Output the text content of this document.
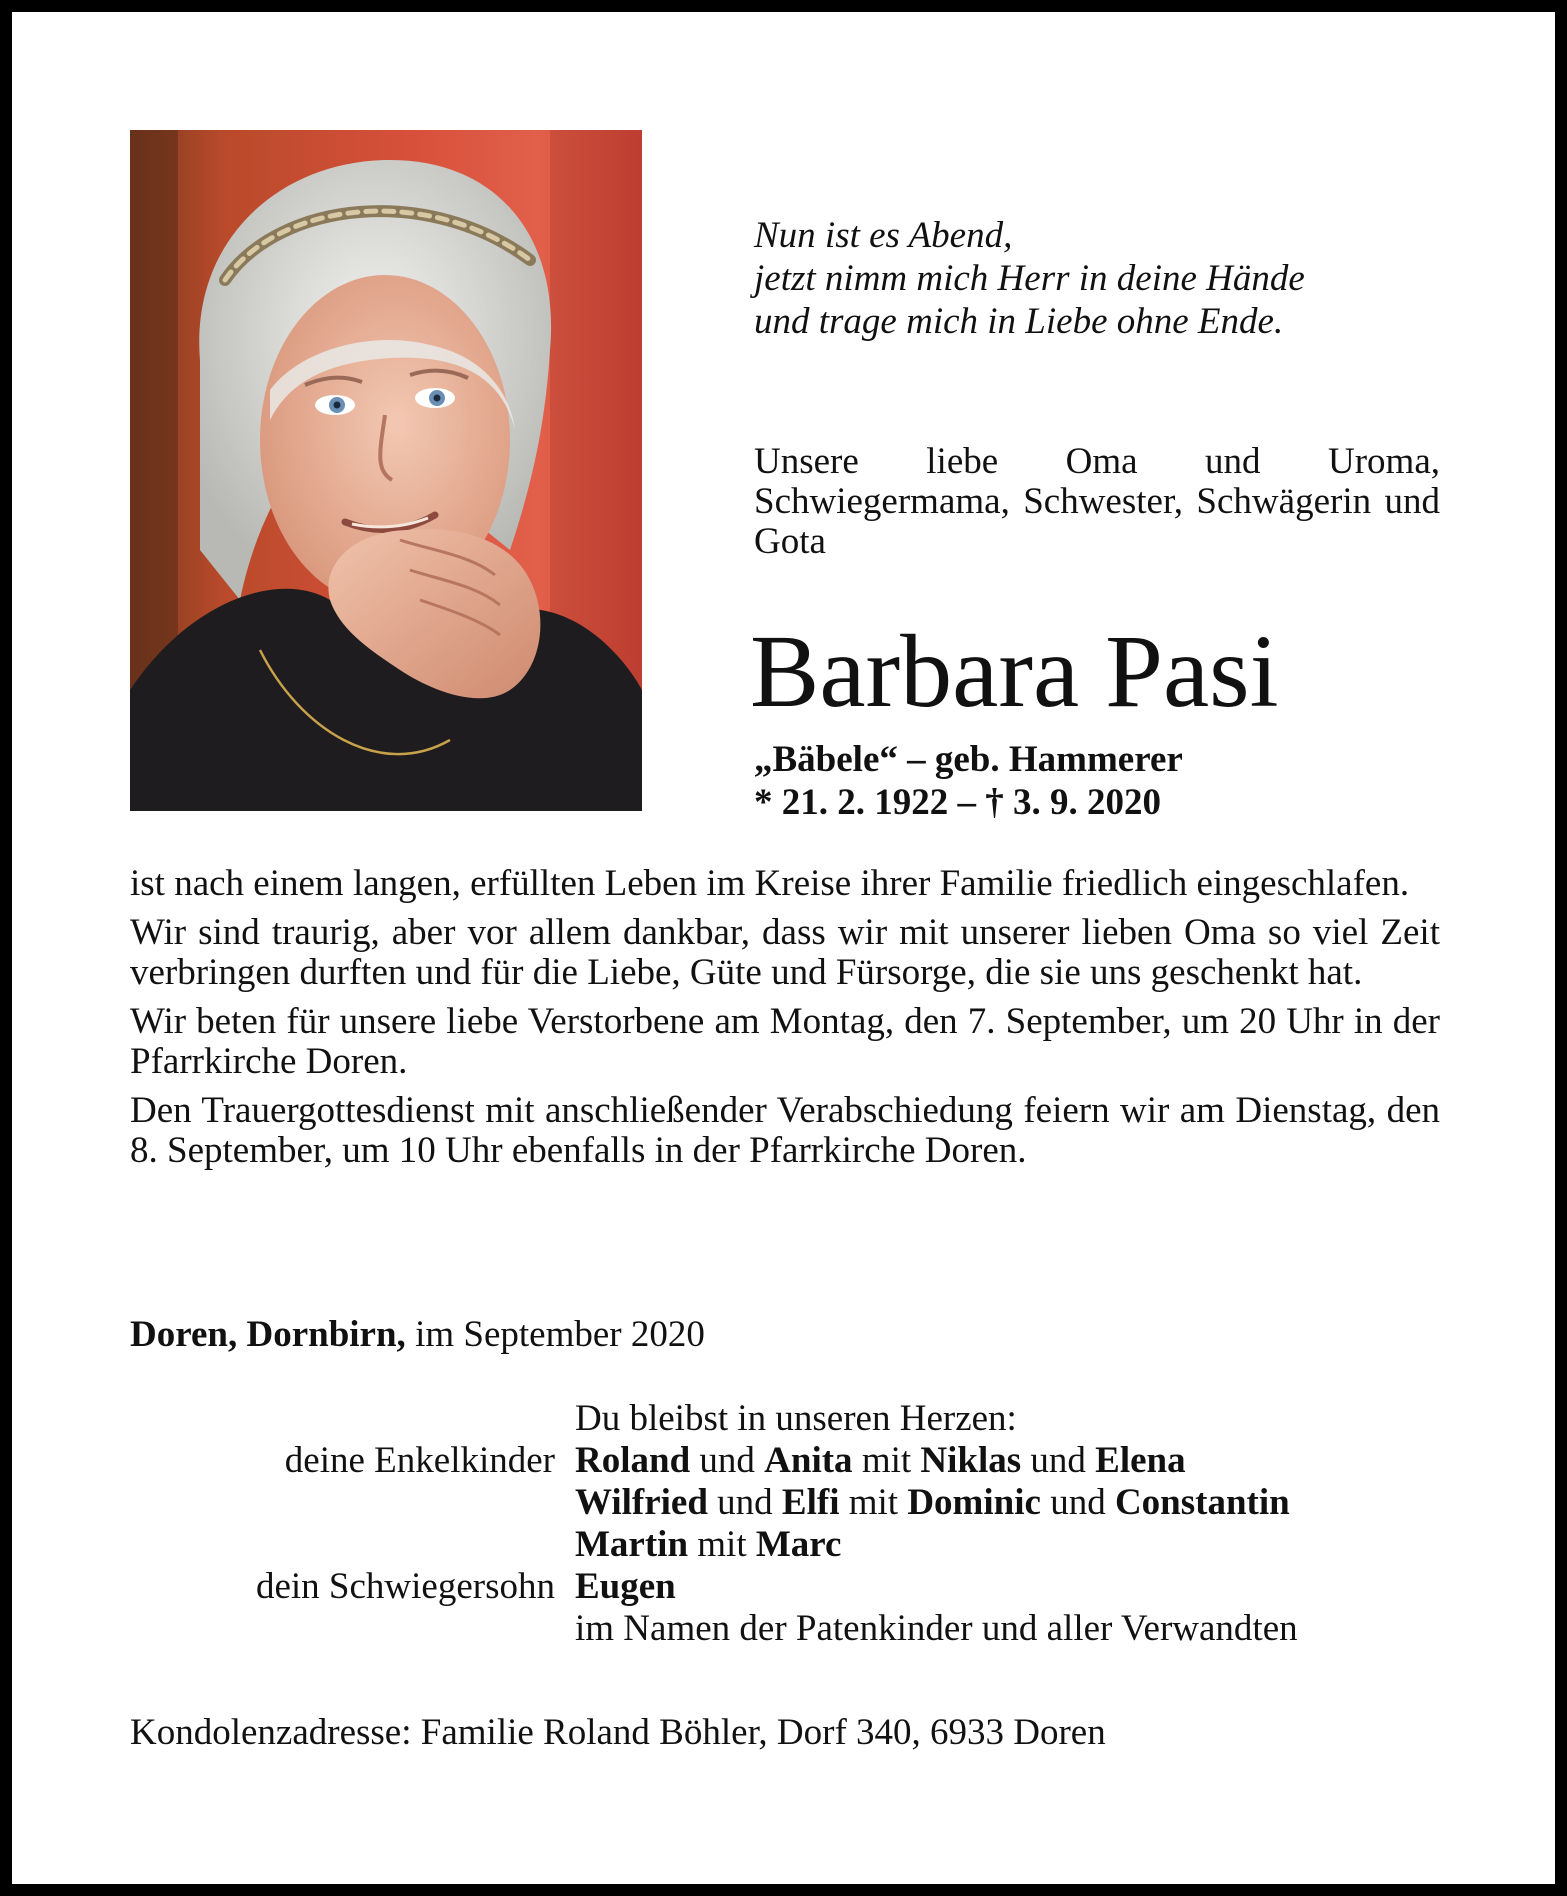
Nun ist es Abend,
jetzt nimm mich Herr in deine Hände
und trage mich in Liebe ohne Ende.
Unsere liebe Oma und Uroma, Schwiegermama, Schwester, Schwägerin und Gota
Barbara Pasi
„Bäbele“ – geb. Hammerer
* 21. 2. 1922 – † 3. 9. 2020

ist nach einem langen, erfüllten Leben im Kreise ihrer Familie friedlich eingeschlafen.

Wir sind traurig, aber vor allem dankbar, dass wir mit unserer lieben Oma so viel Zeit verbringen durften und für die Liebe, Güte und Fürsorge, die sie uns geschenkt hat.

Wir beten für unsere liebe Verstorbene am Montag, den 7. September, um 20 Uhr in der Pfarrkirche Doren.

Den Trauergottesdienst mit anschließender Verabschiedung feiern wir am Dienstag, den 8. September, um 10 Uhr ebenfalls in der Pfarrkirche Doren.

Doren, Dornbirn, im September 2020
Du bleibst in unseren Herzen:
deine Enkelkinder Roland und Anita mit Niklas und Elena
Wilfried und Elfi mit Dominic und Constantin
Martin mit Marc
dein Schwiegersohn Eugen
im Namen der Patenkinder und aller Verwandten
Kondolenzadresse: Familie Roland Böhler, Dorf 340, 6933 Doren
